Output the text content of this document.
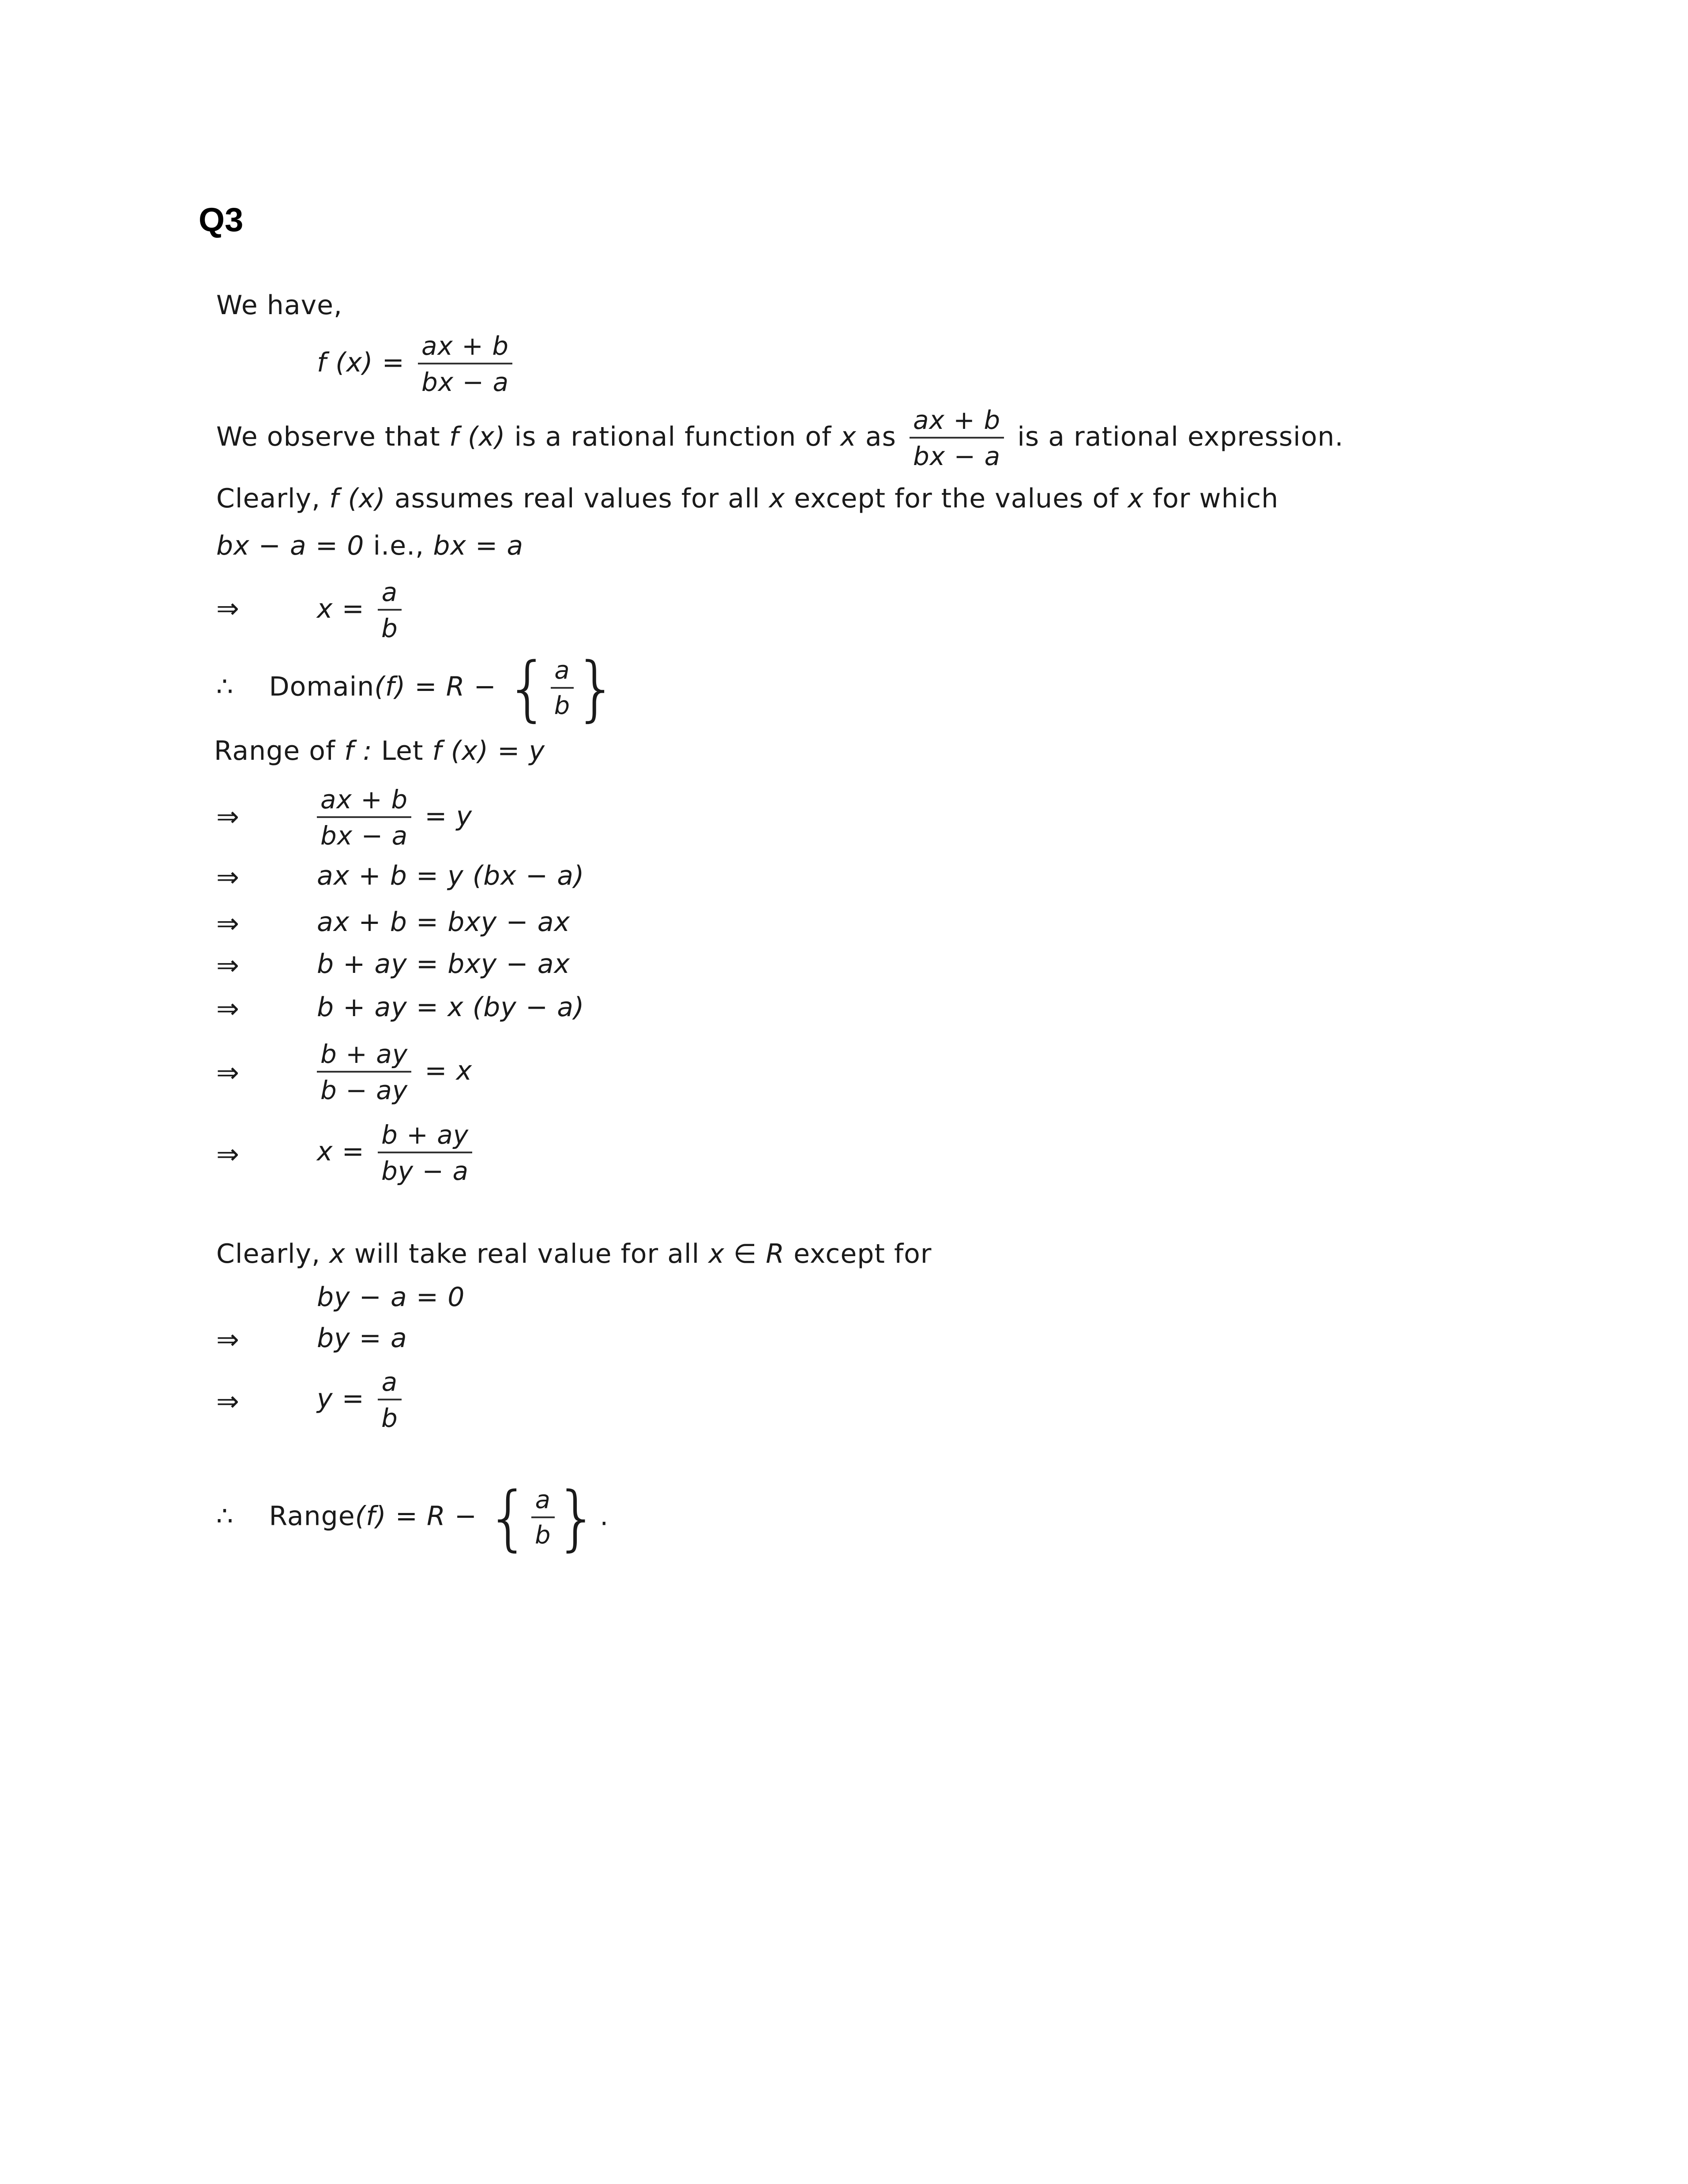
Q3
We have,
f $(x) = \frac{ax + b}{bx - a}$
We observe that f (x) is a rational function of x as $\frac{ax + b}{bx - a}$ is a rational expression.
Clearly, f (x) assumes real values for all x except for the values of x for which
bx − a = 0 i.e., bx = a
⇒	$x = \frac{a}{b}$
∴ Domain(f) = R − { $\frac{a}{b}$ }
Range of f : Let f (x) = y
⇒	$\frac{ax + b}{bx - a} = y$
⇒	ax + b = y (bx − a)
⇒	ax + b = bxy − ax
⇒	b + ay = bxy − ax
⇒	b + ay = x (by − a)
⇒	$\frac{b + ay}{b - ay} = x$
⇒	$x = \frac{b + ay}{by - a}$
Clearly, x will take real value for all x ∈ R except for
by − a = 0
⇒	by = a
⇒	$y = \frac{a}{b}$
∴ Range(f) = R − { $\frac{a}{b}$ }.
